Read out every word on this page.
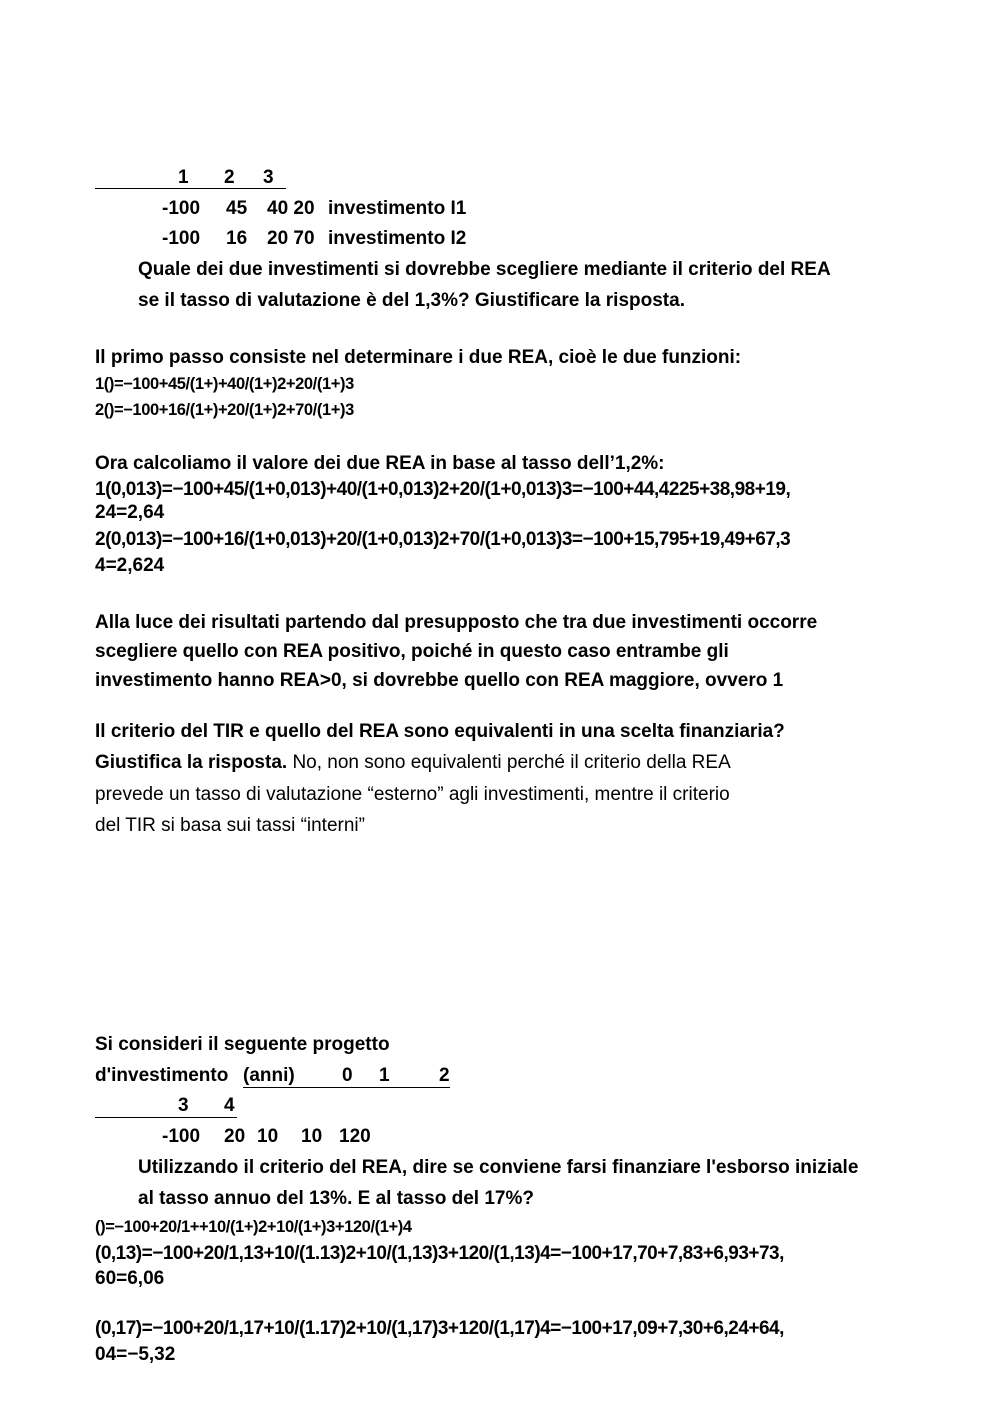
1 2 3
-100 45 40 20 investimento I1
-100 16 20 70 investimento I2
Quale dei due investimenti si dovrebbe scegliere mediante il criterio del REA
se il tasso di valutazione è del 1,3%? Giustificare la risposta.
Il primo passo consiste nel determinare i due REA, cioè le due funzioni:
1()=−100+45/(1+)+40/(1+)2+20/(1+)3
2()=−100+16/(1+)+20/(1+)2+70/(1+)3
Ora calcoliamo il valore dei due REA in base al tasso dell’1,2%:
1(0,013)=−100+45/(1+0,013)+40/(1+0,013)2+20/(1+0,013)3=−100+44,4225+38,98+19,
24=2,64
2(0,013)=−100+16/(1+0,013)+20/(1+0,013)2+70/(1+0,013)3=−100+15,795+19,49+67,3
4=2,624
Alla luce dei risultati partendo dal presupposto che tra due investimenti occorre
scegliere quello con REA positivo, poiché in questo caso entrambe gli
investimento hanno REA>0, si dovrebbe quello con REA maggiore, ovvero 1
Il criterio del TIR e quello del REA sono equivalenti in una scelta finanziaria?
Giustifica la risposta. No, non sono equivalenti perché il criterio della REA
prevede un tasso di valutazione “esterno” agli investimenti, mentre il criterio
del TIR si basa sui tassi “interni”
Si consideri il seguente progetto
d'investimento (anni) 0 1	2
3 4
-100 20 10 10 120
Utilizzando il criterio del REA, dire se conviene farsi finanziare l'esborso iniziale
al tasso annuo del 13%. E al tasso del 17%?
()=−100+20/1++10/(1+)2+10/(1+)3+120/(1+)4
(0,13)=−100+20/1,13+10/(1.13)2+10/(1,13)3+120/(1,13)4=−100+17,70+7,83+6,93+73,
60=6,06
(0,17)=−100+20/1,17+10/(1.17)2+10/(1,17)3+120/(1,17)4=−100+17,09+7,30+6,24+64,
04=−5,32
